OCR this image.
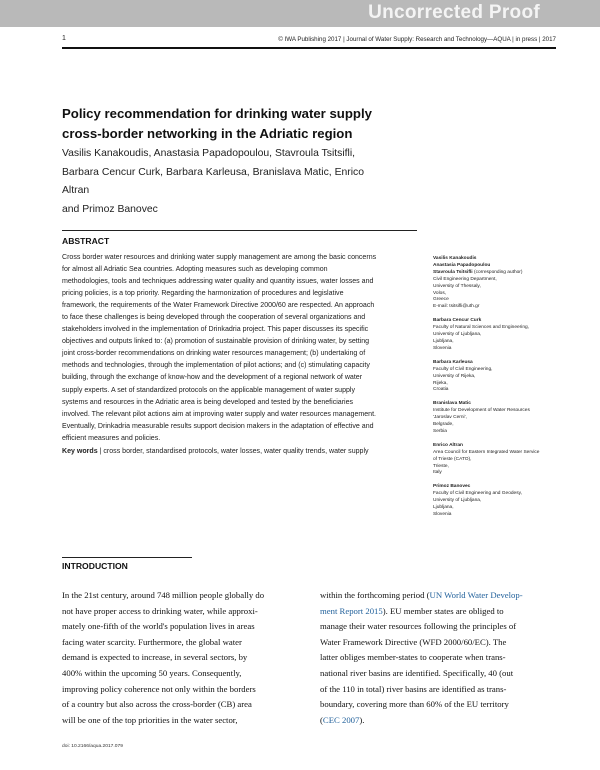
Uncorrected Proof
1	© IWA Publishing 2017 | Journal of Water Supply: Research and Technology—AQUA | in press | 2017
Policy recommendation for drinking water supply
cross-border networking in the Adriatic region
Vasilis Kanakoudis, Anastasia Papadopoulou, Stavroula Tsitsifli,
Barbara Cencur Curk, Barbara Karleusa, Branislava Matic, Enrico Altran
and Primoz Banovec
ABSTRACT
Cross border water resources and drinking water supply management are among the basic concerns
for almost all Adriatic Sea countries. Adopting measures such as developing common
methodologies, tools and techniques addressing water quality and quantity issues, water losses and
pricing policies, is a top priority. Regarding the harmonization of procedures and legislative
framework, the requirements of the Water Framework Directive 2000/60 are respected. An approach
to face these challenges is being developed through the cooperation of several organizations and
stakeholders involved in the implementation of Drinkadria project. This paper discusses its specific
objectives and outputs linked to: (a) promotion of sustainable provision of drinking water, by setting
joint cross-border recommendations on drinking water resources management; (b) undertaking of
methods and technologies, through the implementation of pilot actions; and (c) stimulating capacity
building, through the exchange of know-how and the development of a regional network of water
supply experts. A set of standardized protocols on the applicable management of water supply
systems and resources in the Adriatic area is being developed and tested by the beneficiaries
involved. The relevant pilot actions aim at improving water supply and water resources management.
Eventually, Drinkadria measurable results support decision makers in the adaptation of effective and
efficient measures and policies.
Key words | cross border, standardised protocols, water losses, water quality trends, water supply
Vasilis Kanakoudis
Anastasia Papadopoulou
Stavroula Tsitsifli (corresponding author)
Civil Engineering Department,
University of Thessaly,
Volos,
Greece
E-mail: tsitsifli@uth.gr
Barbara Cencur Curk
Faculty of Natural Sciences and Engineering,
University of Ljubljana,
Ljubljana,
Slovenia
Barbara Karleusa
Faculty of Civil Engineering,
University of Rijeka,
Rijeka,
Croatia
Branislava Matic
Institute for Development of Water Resources
'Jaroslav Cerni',
Belgrade,
Serbia
Enrico Altran
Area Council for Eastern Integrated Water Service
of Trieste (CATO),
Trieste,
Italy
Primoz Banovec
Faculty of Civil Engineering and Geodesy,
University of Ljubljana,
Ljubljana,
Slovenia
INTRODUCTION
In the 21st century, around 748 million people globally do
not have proper access to drinking water, while approxi-
mately one-fifth of the world's population lives in areas
facing water scarcity. Furthermore, the global water
demand is expected to increase, in several sectors, by
400% within the upcoming 50 years. Consequently,
improving policy coherence not only within the borders
of a country but also across the cross-border (CB) area
will be one of the top priorities in the water sector,
within the forthcoming period (UN World Water Develop-
ment Report 2015). EU member states are obliged to
manage their water resources following the principles of
Water Framework Directive (WFD 2000/60/EC). The
latter obliges member-states to cooperate when trans-
national river basins are identified. Specifically, 40 (out
of the 110 in total) river basins are identified as trans-
boundary, covering more than 60% of the EU territory
(CEC 2007).
doi: 10.2166/aqua.2017.079
